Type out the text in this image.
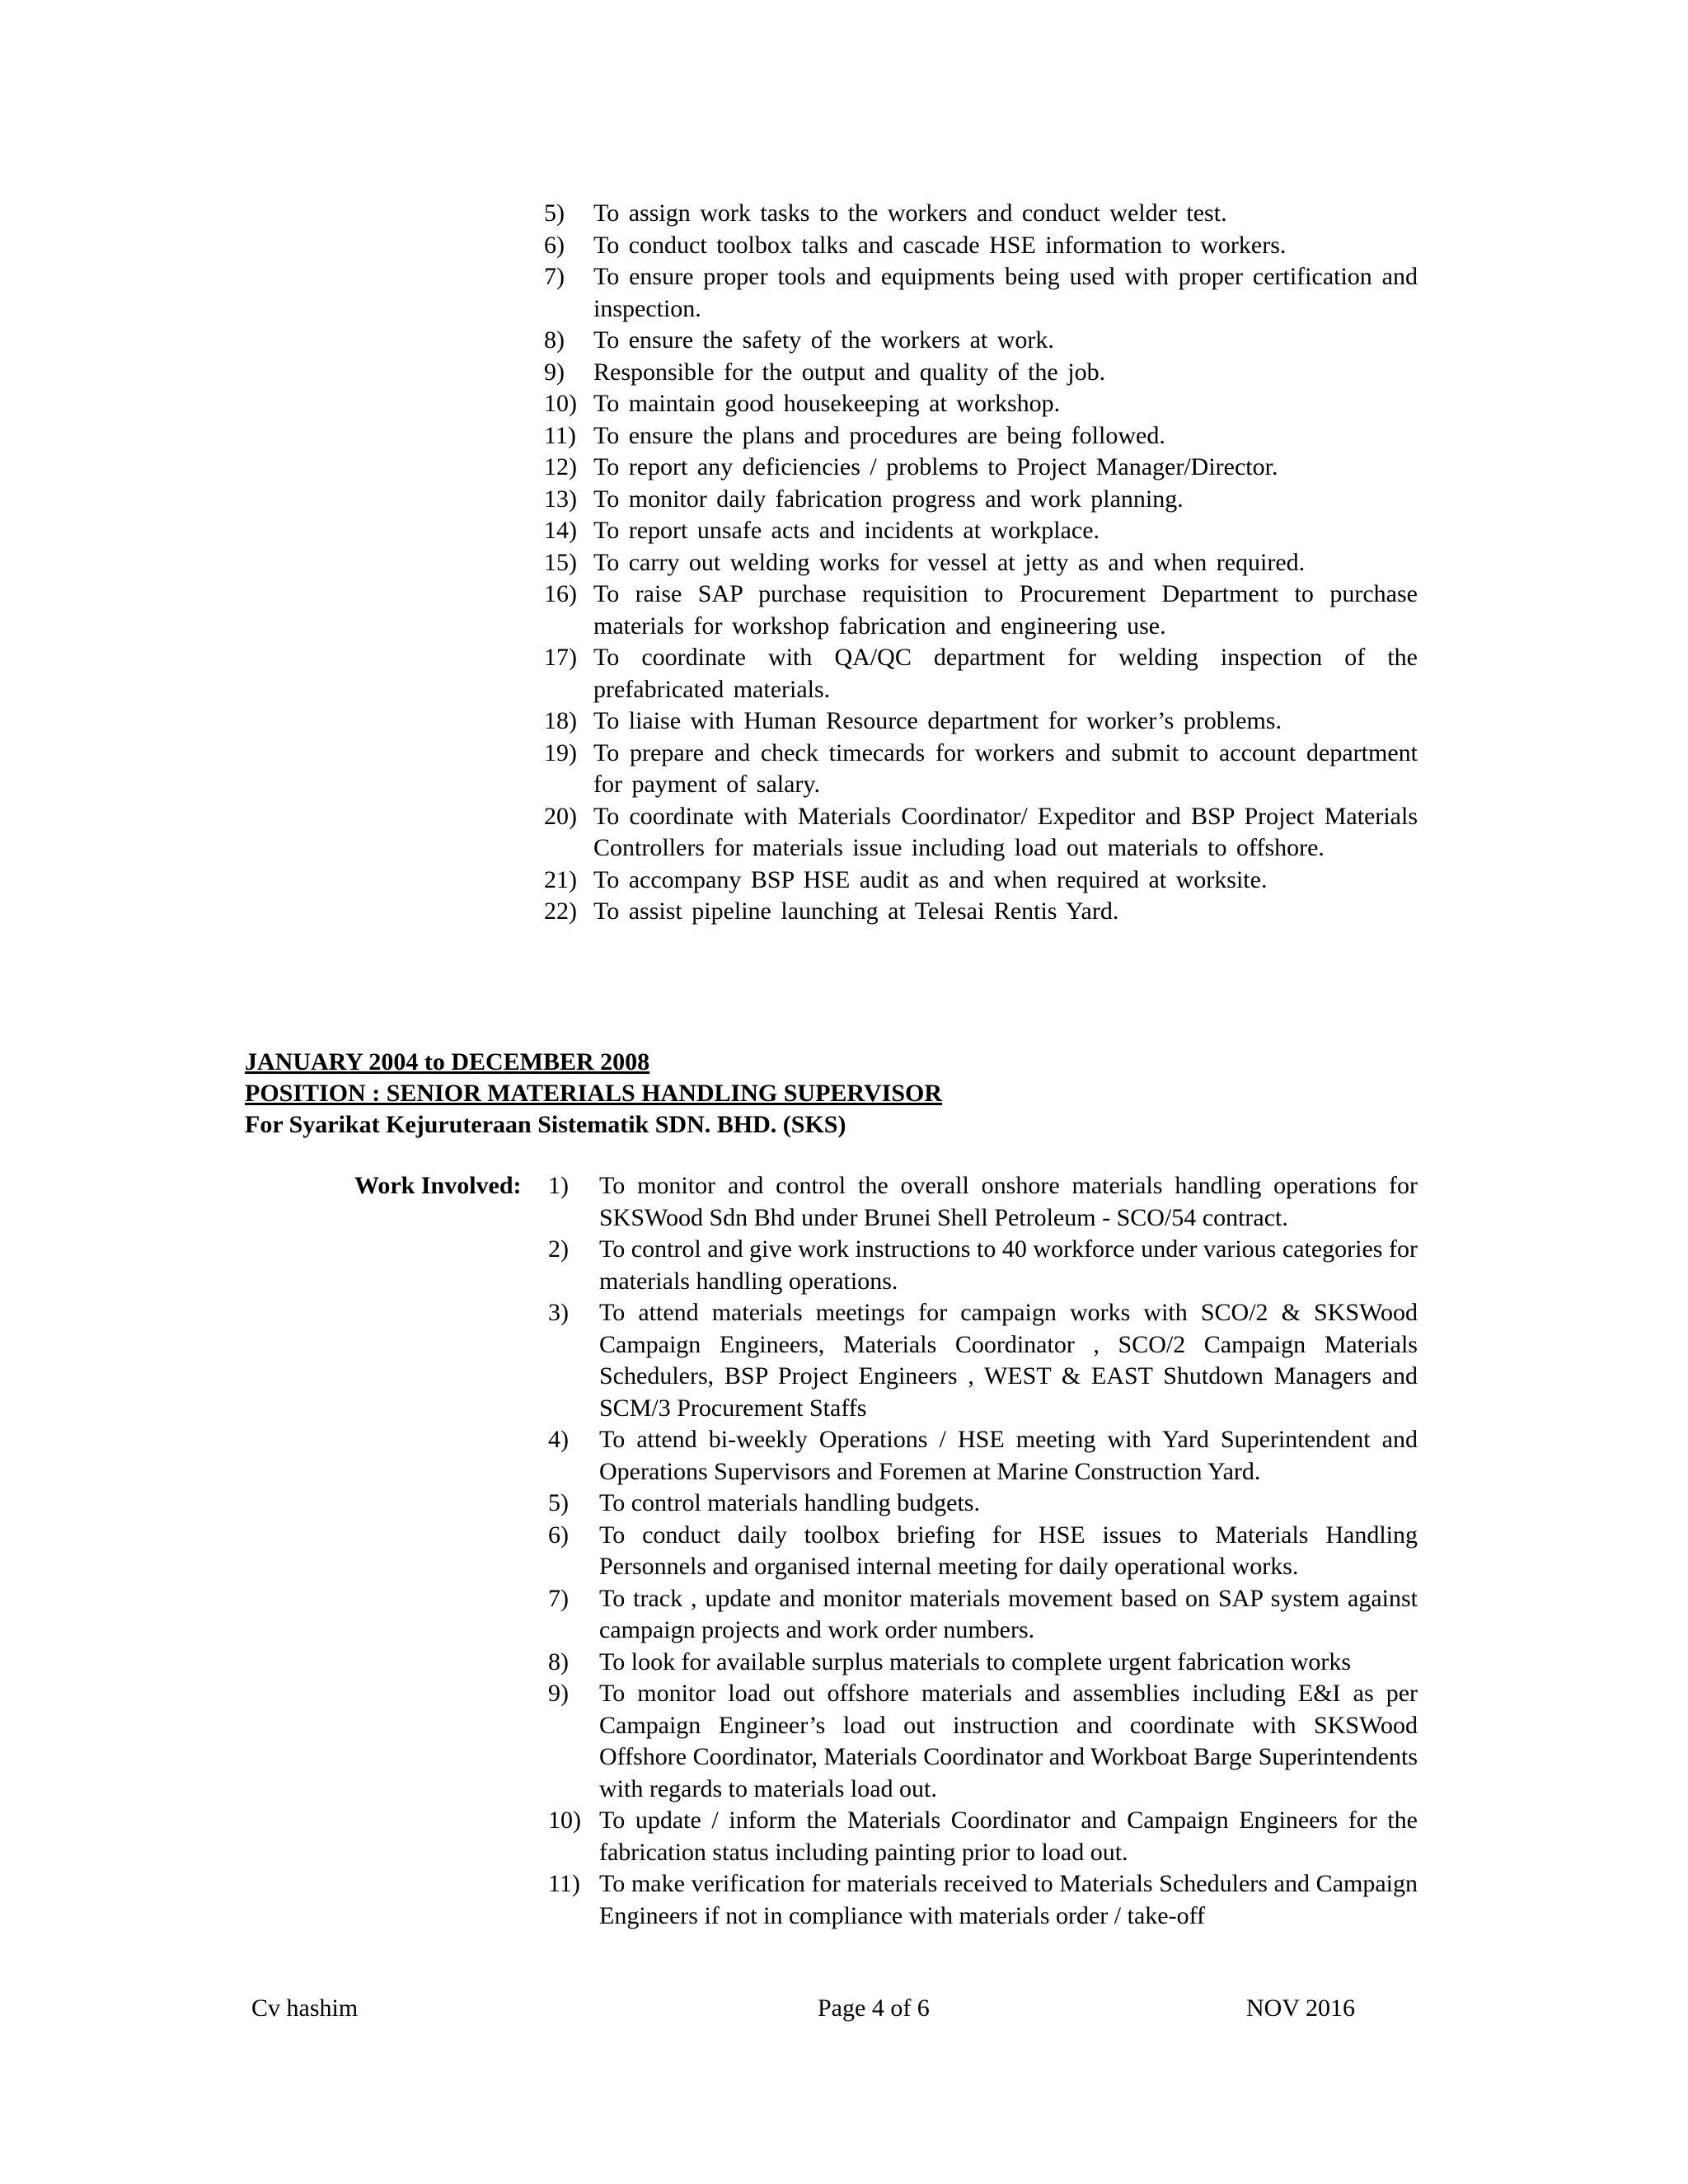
5) To assign work tasks to the workers and conduct welder test.
6) To conduct toolbox talks and cascade HSE information to workers.
7) To ensure proper tools and equipments being used with proper certification and inspection.
8) To ensure the safety of the workers at work.
9) Responsible for the output and quality of the job.
10) To maintain good housekeeping at workshop.
11) To ensure the plans and procedures are being followed.
12) To report any deficiencies / problems to Project Manager/Director.
13) To monitor daily fabrication progress and work planning.
14) To report unsafe acts and incidents at workplace.
15) To carry out welding works for vessel at jetty as and when required.
16) To raise SAP purchase requisition to Procurement Department to purchase materials for workshop fabrication and engineering use.
17) To coordinate with QA/QC department for welding inspection of the prefabricated materials.
18) To liaise with Human Resource department for worker’s problems.
19) To prepare and check timecards for workers and submit to account department for payment of salary.
20) To coordinate with Materials Coordinator/ Expeditor and BSP Project Materials Controllers for materials issue including load out materials to offshore.
21) To accompany BSP HSE audit as and when required at worksite.
22) To assist pipeline launching at Telesai Rentis Yard.
JANUARY 2004 to DECEMBER 2008
POSITION : SENIOR MATERIALS HANDLING SUPERVISOR
For Syarikat Kejuruteraan Sistematik SDN. BHD. (SKS)
Work Involved: 1) To monitor and control the overall onshore materials handling operations for SKSWood Sdn Bhd under Brunei Shell Petroleum - SCO/54 contract.
2) To control and give work instructions to 40 workforce under various categories for materials handling operations.
3) To attend materials meetings for campaign works with SCO/2 & SKSWood Campaign Engineers, Materials Coordinator , SCO/2 Campaign Materials Schedulers, BSP Project Engineers , WEST & EAST Shutdown Managers and SCM/3 Procurement Staffs
4) To attend bi-weekly Operations / HSE meeting with Yard Superintendent and Operations Supervisors and Foremen at Marine Construction Yard.
5) To control materials handling budgets.
6) To conduct daily toolbox briefing for HSE issues to Materials Handling Personnels and organised internal meeting for daily operational works.
7) To track , update and monitor materials movement based on SAP system against campaign projects and work order numbers.
8) To look for available surplus materials to complete urgent fabrication works
9) To monitor load out offshore materials and assemblies including E&I as per Campaign Engineer’s load out instruction and coordinate with SKSWood Offshore Coordinator, Materials Coordinator and Workboat Barge Superintendents with regards to materials load out.
10) To update / inform the Materials Coordinator and Campaign Engineers for the fabrication status including painting prior to load out.
11) To make verification for materials received to Materials Schedulers and Campaign Engineers if not in compliance with materials order / take-off
Cv hashim	Page 4 of 6	NOV 2016
